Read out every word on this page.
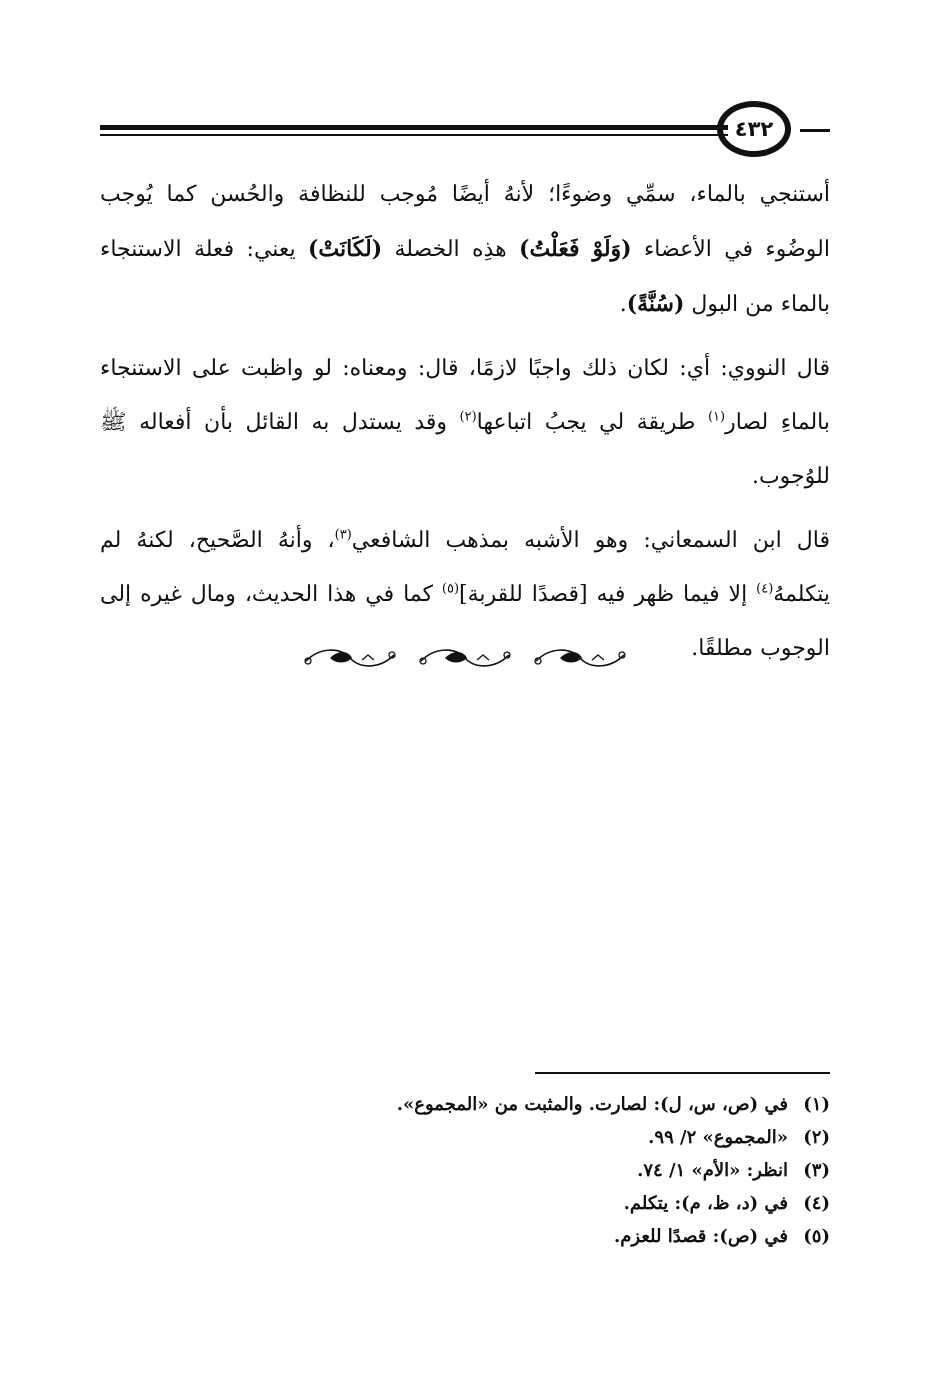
٤٣٢

أستنجي بالماء، سمِّي وضوءًا؛ لأنهُ أيضًا مُوجب للنظافة والحُسن كما يُوجب الوضُوء في الأعضاء (وَلَوْ فَعَلْتُ) هذِه الخصلة (لَكَانَتْ) يعني: فعلة الاستنجاء بالماء من البول (سُنَّةً).

قال النووي: أي: لكان ذلك واجبًا لازمًا، قال: ومعناه: لو واظبت على الاستنجاء بالماءِ لصار$^{(١)}$ طريقة لي يجبُ اتباعها$^{(٢)}$ وقد يستدل به القائل بأن أفعاله ﷺ للوُجوب.

قال ابن السمعاني: وهو الأشبه بمذهب الشافعي$^{(٣)}$، وأنهُ الصَّحيح، لكنهُ لم يتكلمهُ$^{(٤)}$ إلا فيما ظهر فيه [قصدًا للقربة]$^{(٥)}$ كما في هذا الحديث، ومال غيره إلى الوجوب مطلقًا.

(١)في (ص، س، ل): لصارت. والمثبت من «المجموع».
(٢)«المجموع» ٢/ ٩٩.
(٣)انظر: «الأم» ١/ ٧٤.
(٤)في (د، ظ، م): يتكلم.
(٥)في (ص): قصدًا للعزم.
